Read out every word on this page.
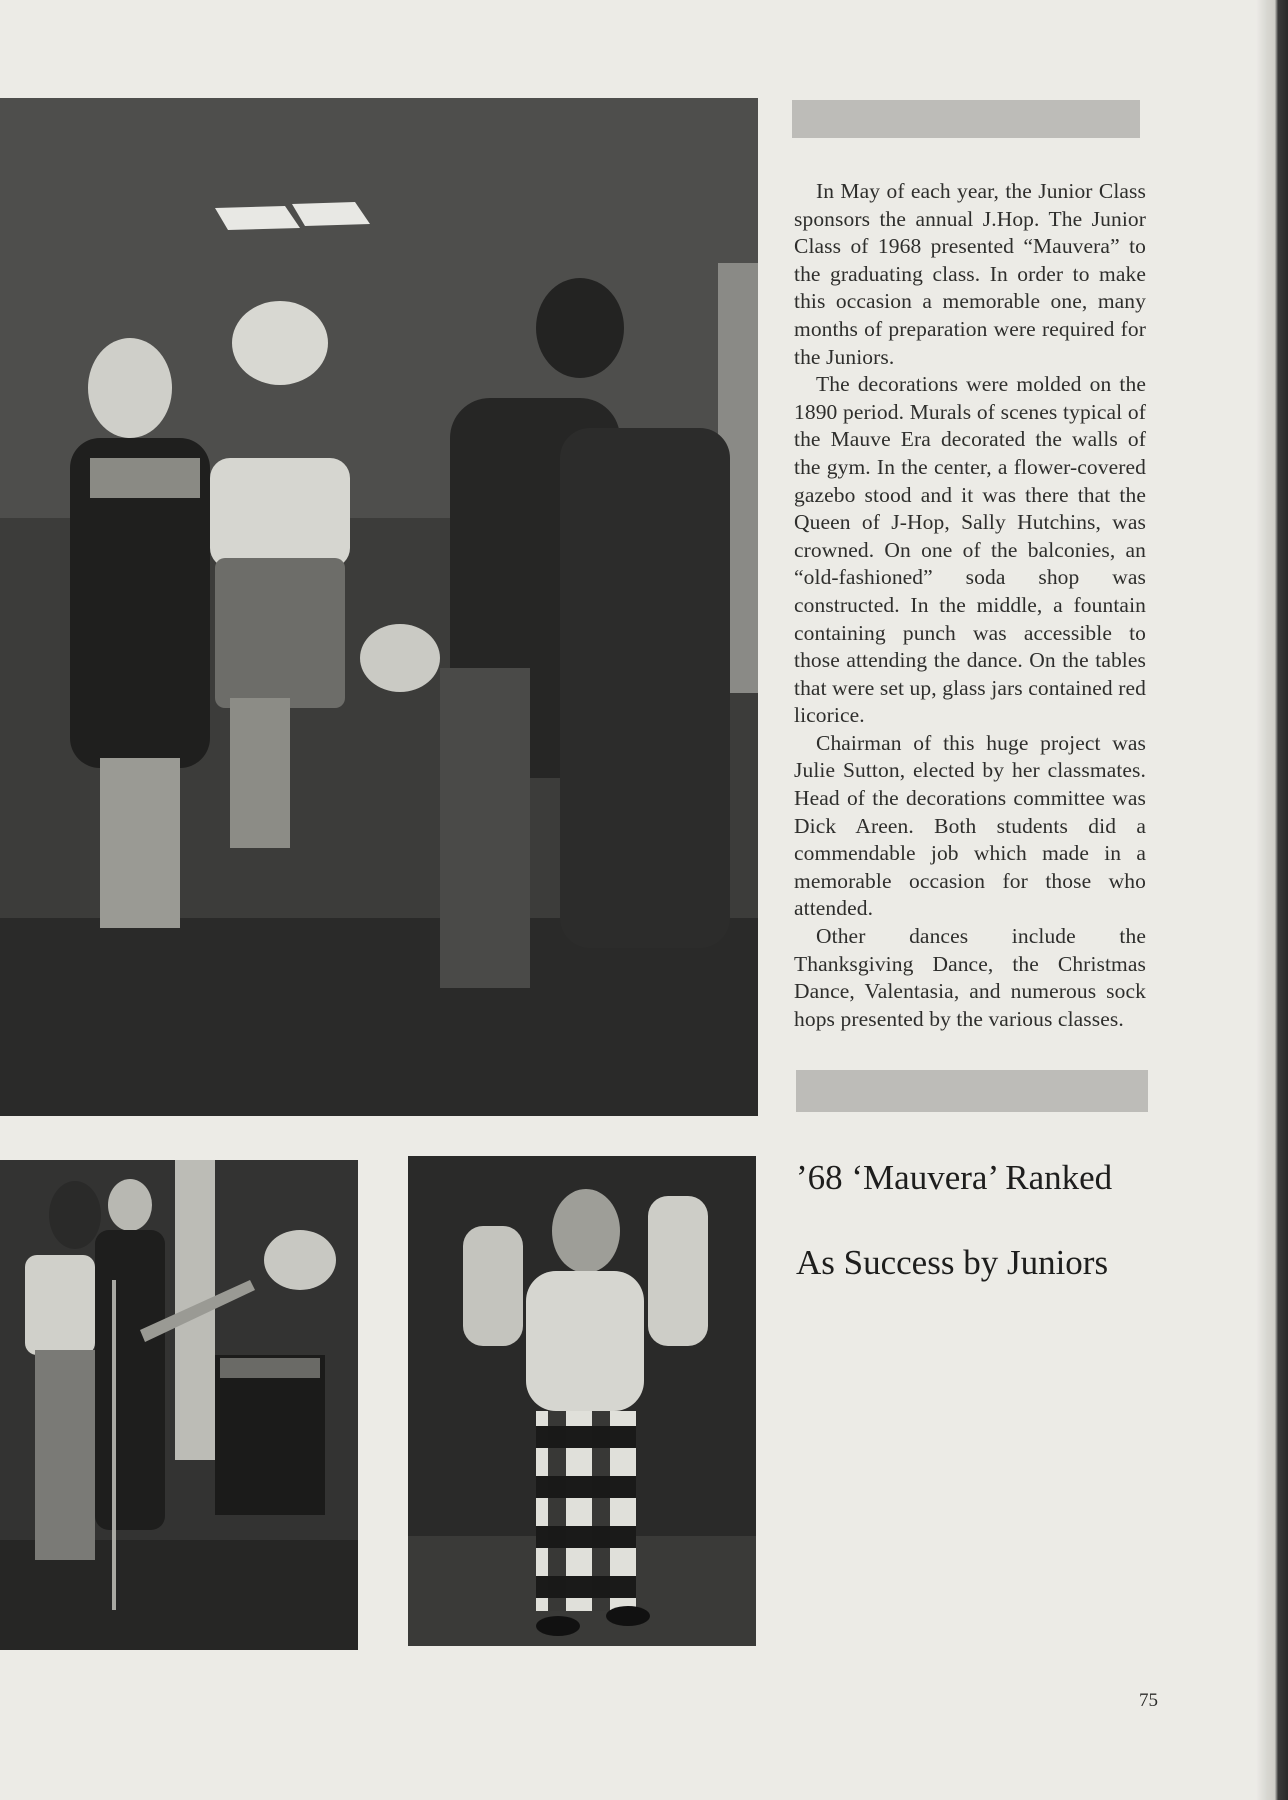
In May of each year, the Junior Class sponsors the annual J.Hop. The Junior Class of 1968 presented “Mauvera” to the graduating class. In order to make this occasion a memorable one, many months of preparation were required for the Juniors.

The decorations were molded on the 1890 period. Murals of scenes typical of the Mauve Era decorated the walls of the gym. In the center, a flower-covered gazebo stood and it was there that the Queen of J-Hop, Sally Hutchins, was crowned. On one of the balconies, an “old-fashioned” soda shop was constructed. In the middle, a fountain containing punch was accessible to those attending the dance. On the tables that were set up, glass jars contained red licorice.

Chairman of this huge project was Julie Sutton, elected by her classmates. Head of the decorations committee was Dick Areen. Both students did a commendable job which made in a memorable occasion for those who attended.

Other dances include the Thanksgiving Dance, the Christmas Dance, Valentasia, and numerous sock hops presented by the various classes.

’68 ‘Mauvera’ Ranked
As Success by Juniors
75
